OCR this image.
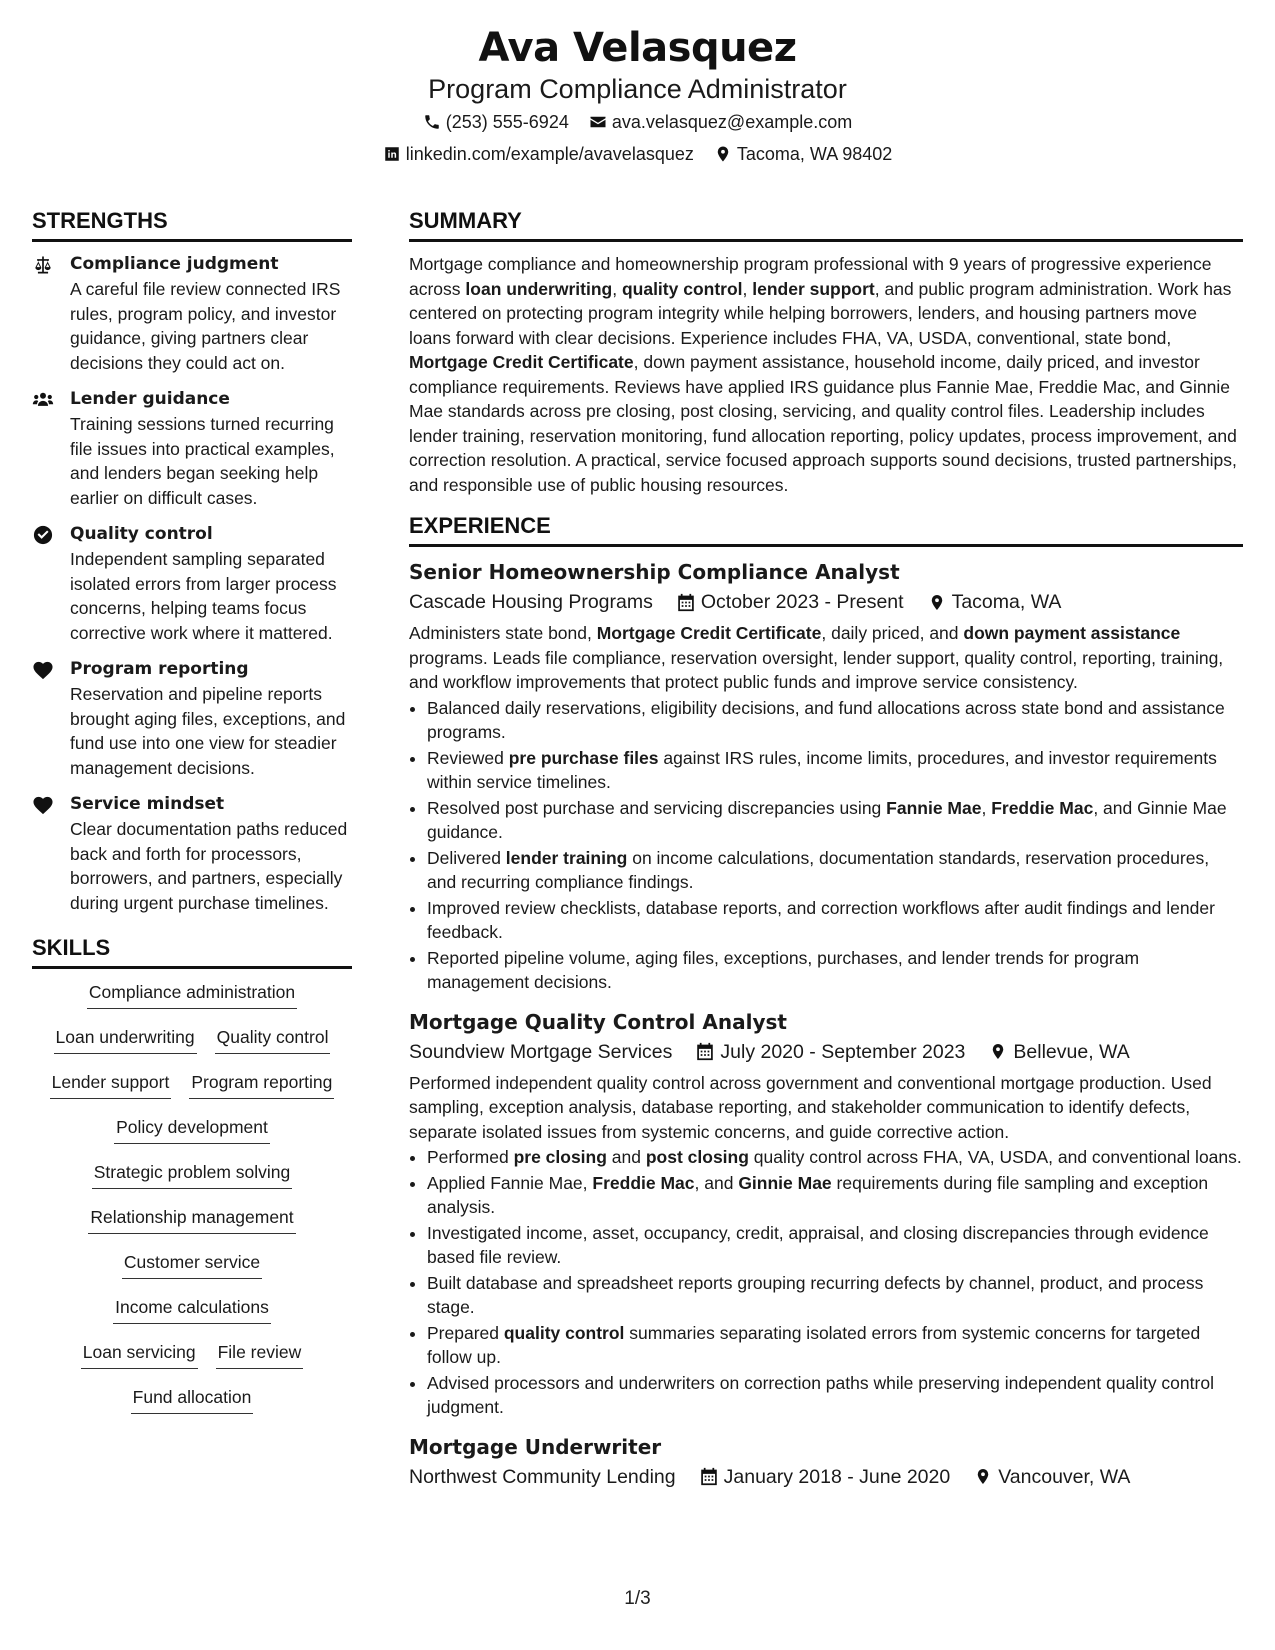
Ava Velasquez
Program Compliance Administrator
(253) 555-6924 ava.velasquez@example.com
linkedin.com/example/avavelasquez Tacoma, WA 98402
STRENGTHS
Compliance judgment
A careful file review connected IRS rules, program policy, and investor guidance, giving partners clear decisions they could act on.
Lender guidance
Training sessions turned recurring file issues into practical examples, and lenders began seeking help earlier on difficult cases.
Quality control
Independent sampling separated isolated errors from larger process concerns, helping teams focus corrective work where it mattered.
Program reporting
Reservation and pipeline reports brought aging files, exceptions, and fund use into one view for steadier management decisions.
Service mindset
Clear documentation paths reduced back and forth for processors, borrowers, and partners, especially during urgent purchase timelines.
SKILLS
Compliance administration
Loan underwriting Quality control
Lender support Program reporting
Policy development
Strategic problem solving
Relationship management
Customer service
Income calculations
Loan servicing File review
Fund allocation
SUMMARY
Mortgage compliance and homeownership program professional with 9 years of progressive experience across loan underwriting, quality control, lender support, and public program administration. Work has centered on protecting program integrity while helping borrowers, lenders, and housing partners move loans forward with clear decisions. Experience includes FHA, VA, USDA, conventional, state bond, Mortgage Credit Certificate, down payment assistance, household income, daily priced, and investor compliance requirements. Reviews have applied IRS guidance plus Fannie Mae, Freddie Mac, and Ginnie Mae standards across pre closing, post closing, servicing, and quality control files. Leadership includes lender training, reservation monitoring, fund allocation reporting, policy updates, process improvement, and correction resolution. A practical, service focused approach supports sound decisions, trusted partnerships, and responsible use of public housing resources.
EXPERIENCE
Senior Homeownership Compliance Analyst
Cascade Housing Programs October 2023 - Present Tacoma, WA
Administers state bond, Mortgage Credit Certificate, daily priced, and down payment assistance programs. Leads file compliance, reservation oversight, lender support, quality control, reporting, training, and workflow improvements that protect public funds and improve service consistency.
• Balanced daily reservations, eligibility decisions, and fund allocations across state bond and assistance programs.
• Reviewed pre purchase files against IRS rules, income limits, procedures, and investor requirements within service timelines.
• Resolved post purchase and servicing discrepancies using Fannie Mae, Freddie Mac, and Ginnie Mae guidance.
• Delivered lender training on income calculations, documentation standards, reservation procedures, and recurring compliance findings.
• Improved review checklists, database reports, and correction workflows after audit findings and lender feedback.
• Reported pipeline volume, aging files, exceptions, purchases, and lender trends for program management decisions.
Mortgage Quality Control Analyst
Soundview Mortgage Services July 2020 - September 2023 Bellevue, WA
Performed independent quality control across government and conventional mortgage production. Used sampling, exception analysis, database reporting, and stakeholder communication to identify defects, separate isolated issues from systemic concerns, and guide corrective action.
• Performed pre closing and post closing quality control across FHA, VA, USDA, and conventional loans.
• Applied Fannie Mae, Freddie Mac, and Ginnie Mae requirements during file sampling and exception analysis.
• Investigated income, asset, occupancy, credit, appraisal, and closing discrepancies through evidence based file review.
• Built database and spreadsheet reports grouping recurring defects by channel, product, and process stage.
• Prepared quality control summaries separating isolated errors from systemic concerns for targeted follow up.
• Advised processors and underwriters on correction paths while preserving independent quality control judgment.
Mortgage Underwriter
Northwest Community Lending January 2018 - June 2020 Vancouver, WA
1/3
